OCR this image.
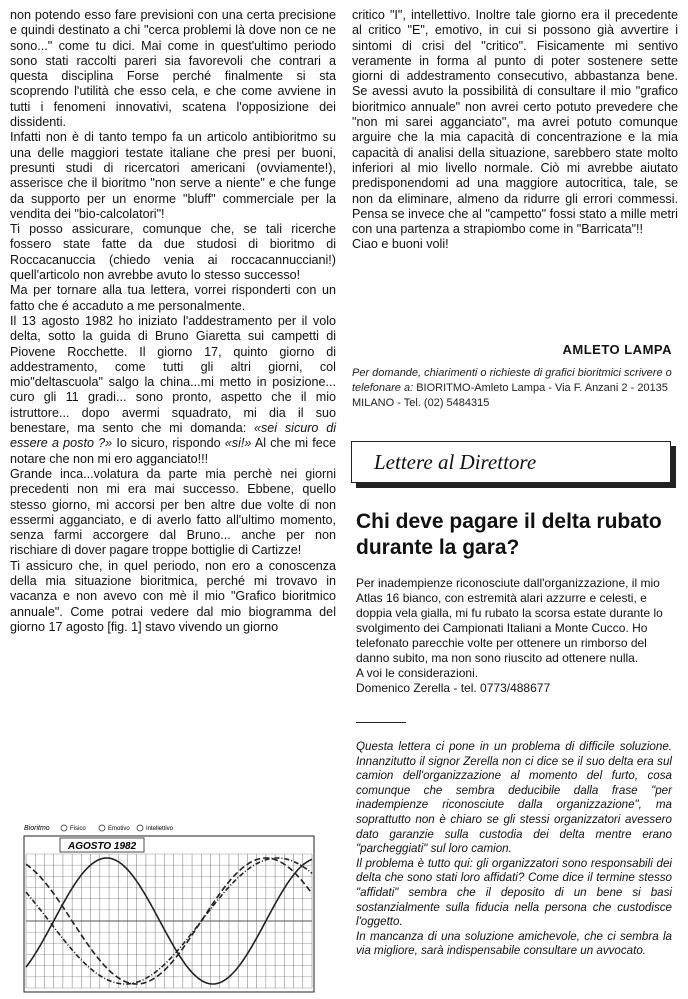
non potendo esso fare previsioni con una certa precisione e quindi destinato a chi "cerca problemi là dove non ce ne sono..." come tu dici. Mai come in quest'ultimo periodo sono stati raccolti pareri sia favorevoli che contrari a questa disciplina Forse perché finalmente si sta scoprendo l'utilità che esso cela, e che come avviene in tutti i fenomeni innovativi, scatena l'opposizione dei dissidenti.

Infatti non è di tanto tempo fa un articolo antibioritmo su una delle maggiori testate italiane che presi per buoni, presunti studi di ricercatori americani (ovviamente!), asserisce che il bioritmo "non serve a niente" e che funge da supporto per un enorme "bluff" commerciale per la vendita dei "bio-calcolatori"!

Ti posso assicurare, comunque che, se tali ricerche fossero state fatte da due studosi di bioritmo di Roccacanuccia (chiedo venia ai roccacannucciani!) quell'articolo non avrebbe avuto lo stesso successo!

Ma per tornare alla tua lettera, vorrei risponderti con un fatto che é accaduto a me personalmente.

Il 13 agosto 1982 ho iniziato l'addestramento per il volo delta, sotto la guida di Bruno Giaretta sui campetti di Piovene Rocchette. Il giorno 17, quinto giorno di addestramento, come tutti gli altri giorni, col mio"deltascuola" salgo la china...mi metto in posizione... curo gli 11 gradi... sono pronto, aspetto che il mio istruttore... dopo avermi squadrato, mi dia il suo benestare, ma sento che mi domanda: «sei sicuro di essere a posto ?» Io sicuro, rispondo «si!» Al che mi fece notare che non mi ero agganciato!!!

Grande inca...volatura da parte mia perchè nei giorni precedenti non mi era mai successo. Ebbene, quello stesso giorno, mi accorsi per ben altre due volte di non essermi agganciato, e di averlo fatto all'ultimo momento, senza farmi accorgere dal Bruno... anche per non rischiare di dover pagare troppe bottiglie di Cartizze!

Ti assicuro che, in quel periodo, non ero a conoscenza della mia situazione bioritmica, perché mi trovavo in vacanza e non avevo con mè il mio "Grafico bioritmico annuale". Come potrai vedere dal mio biogramma del giorno 17 agosto [fig. 1] stavo vivendo un giorno

Bioritmo	Fisico	Emotivo	Intellettivo
AGOSTO 1982

critico "I", intellettivo. Inoltre tale giorno era il precedente al critico "E", emotivo, in cui si possono già avvertire i sintomi di crisi del "critico". Fisicamente mi sentivo veramente in forma al punto di poter sostenere sette giorni di addestramento consecutivo, abbastanza bene. Se avessi avuto la possibilità di consultare il mio "grafico bioritmico annuale" non avrei certo potuto prevedere che "non mi sarei agganciato", ma avrei potuto comunque arguire che la mia capacità di concentrazione e la mia capacità di analisi della situazione, sarebbero state molto inferiori al mio livello normale. Ciò mi avrebbe aiutato predisponendomi ad una maggiore autocritica, tale, se non da eliminare, almeno da ridurre gli errori commessi. Pensa se invece che al "campetto" fossi stato a mille metri con una partenza a strapiombo come in "Barricata"!!

Ciao e buoni voli!

AMLETO LAMPA
Per domande, chiarimenti o richieste di grafici bioritmici scrivere o telefonare a: BIORITMO-Amleto Lampa - Via F. Anzani 2 - 20135 MILANO - Tel. (02) 5484315
Lettere al Direttore
Chi deve pagare il delta rubato durante la gara?

Per inadempienze riconosciute dall'organizzazione, il mio Atlas 16 bianco, con estremità alari azzurre e celesti, e doppia vela gialla, mi fu rubato la scorsa estate durante lo svolgimento dei Campionati Italiani a Monte Cucco. Ho telefonato parecchie volte per ottenere un rimborso del danno subito, ma non sono riuscito ad ottenere nulla.

A voi le considerazioni.

Domenico Zerella - tel. 0773/488677

Questa lettera ci pone in un problema di difficile soluzione. Innanzitutto il signor Zerella non ci dice se il suo delta era sul camion dell'organizzazione al momento del furto, cosa comunque che sembra deducibile dalla frase "per inadempienze riconosciute dalla organizzazione", ma soprattutto non è chiaro se gli stessi organizzatori avessero dato garanzie sulla custodia dei delta mentre erano "parcheggiati" sul loro camion.

Il problema è tutto qui: gli organizzatori sono responsabili dei delta che sono stati loro affidati? Come dice il termine stesso "affidati" sembra che il deposito di un bene si basi sostanzialmente sulla fiducia nella persona che custodisce l'oggetto.

In mancanza di una soluzione amichevole, che ci sembra la via migliore, sarà indispensabile consultare un avvocato.
